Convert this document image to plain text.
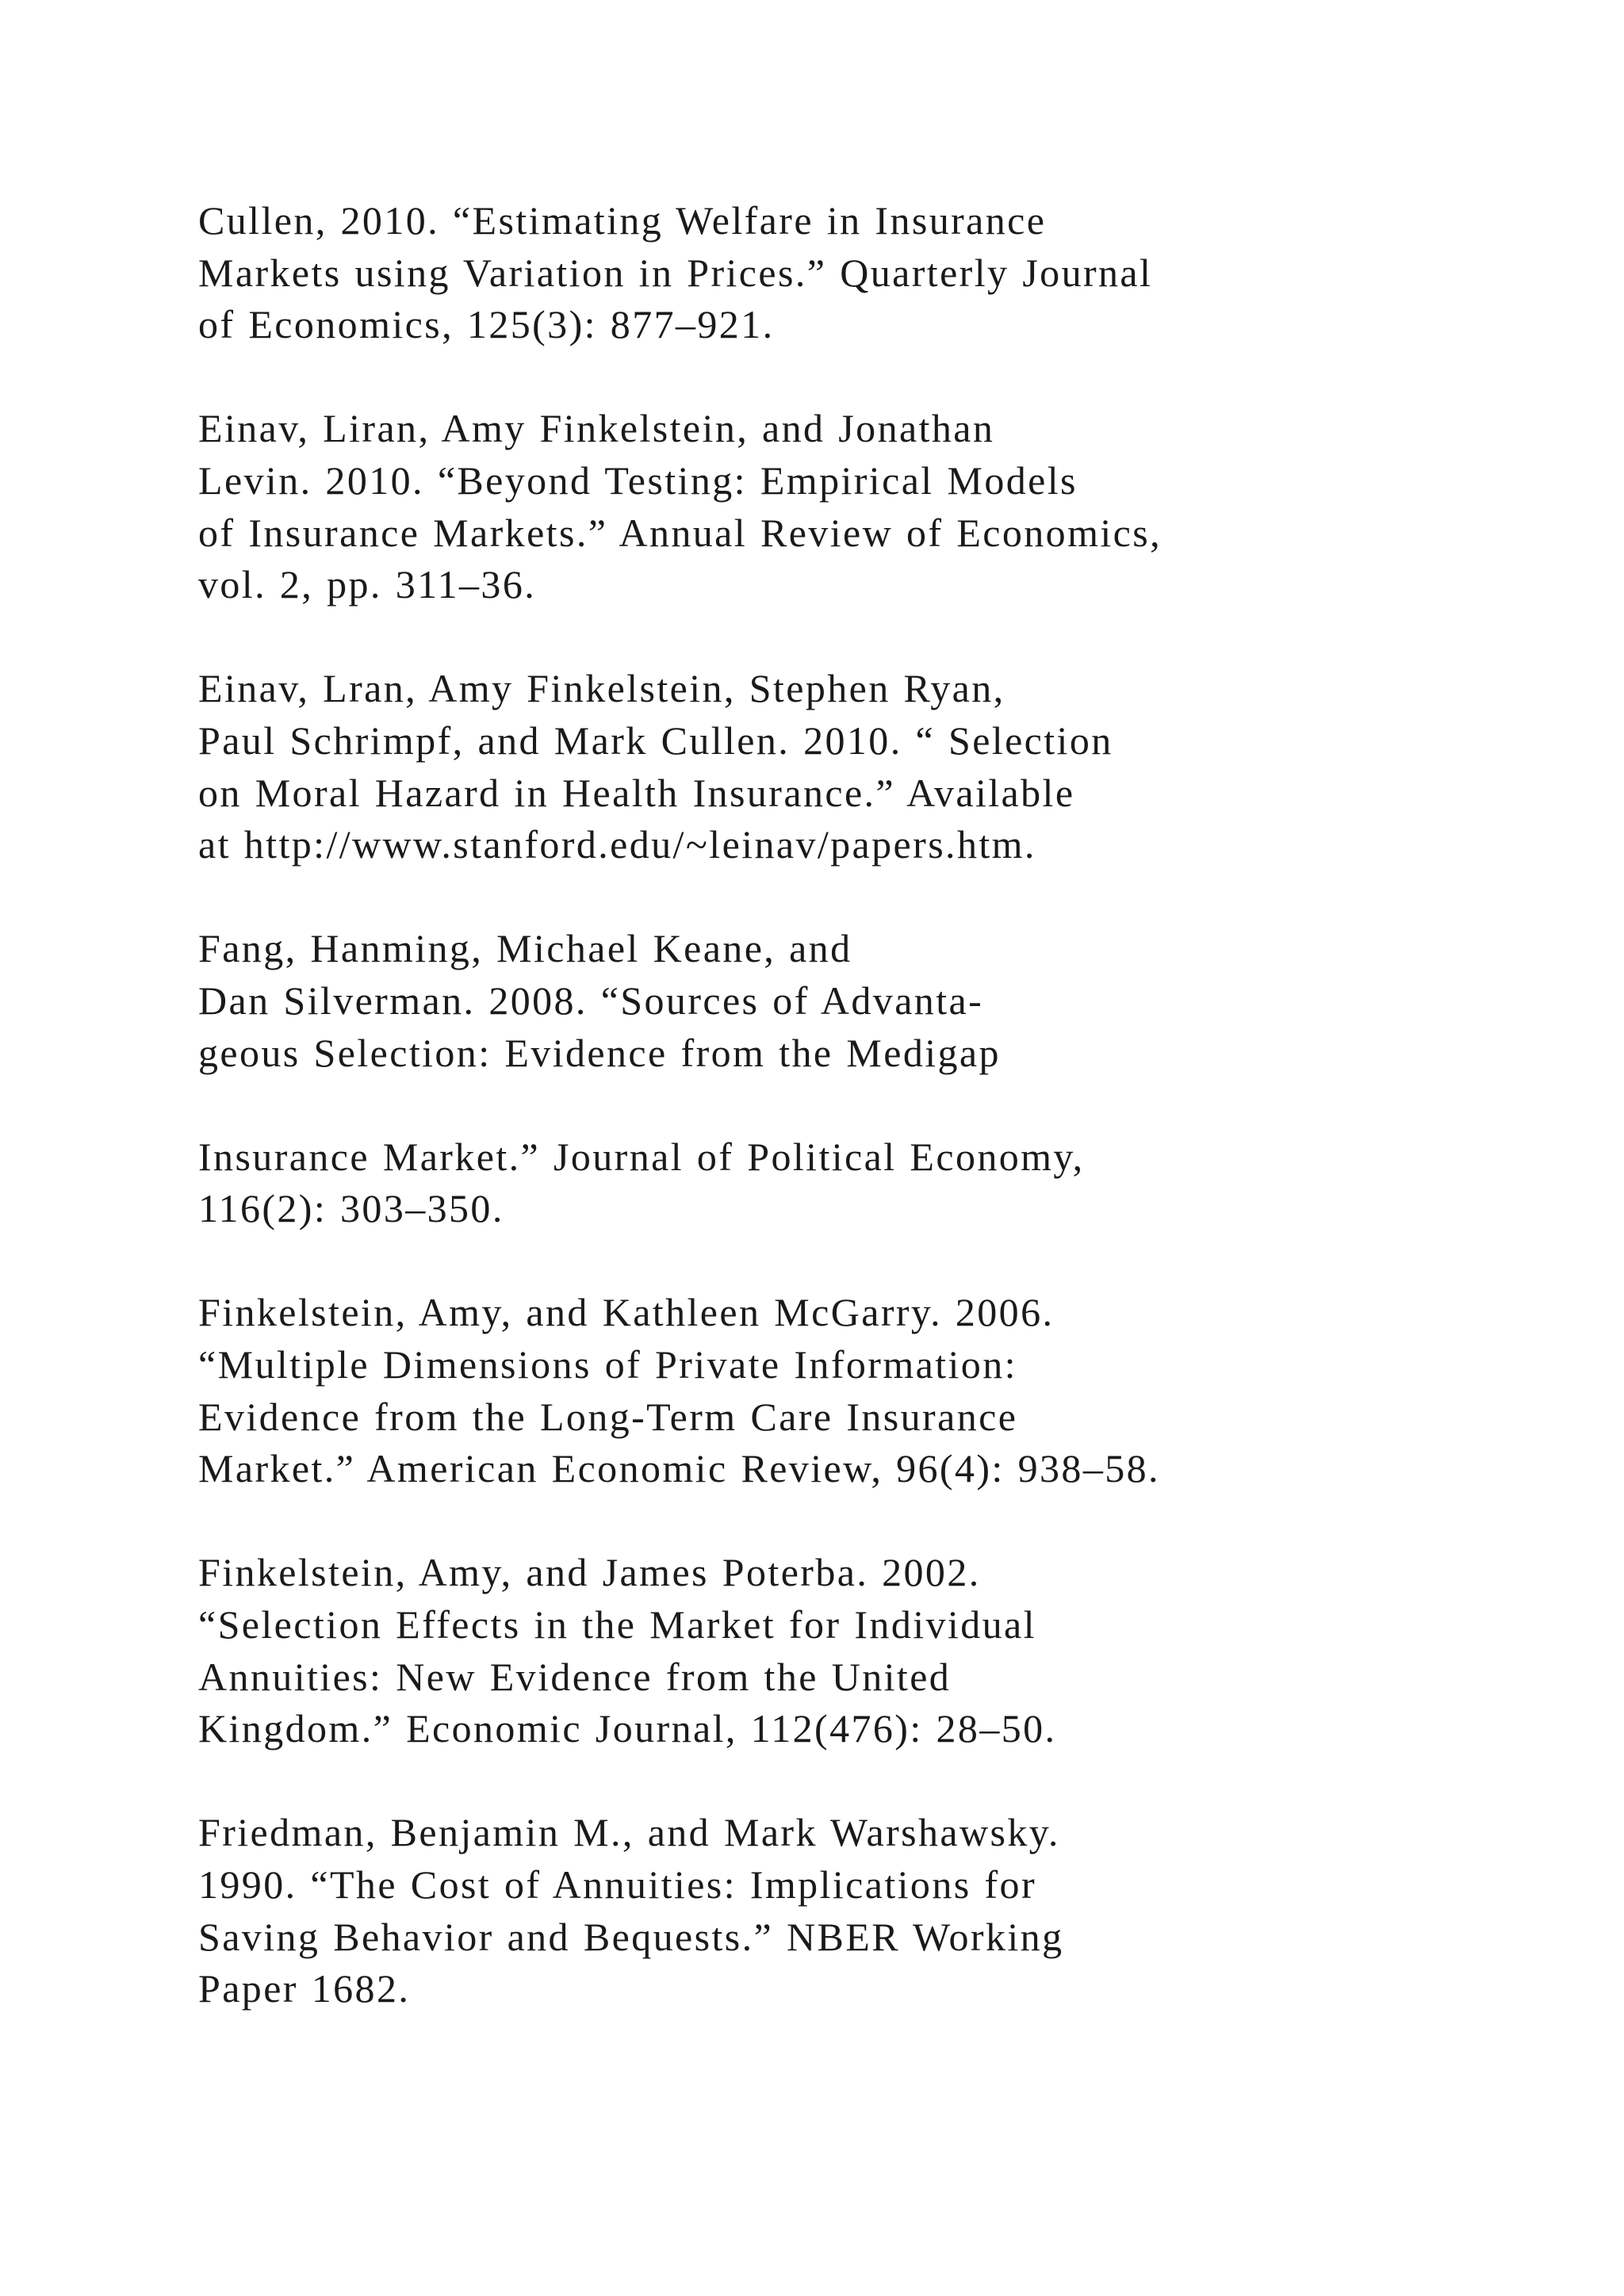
Cullen, 2010. “Estimating Welfare in Insurance
Markets using Variation in Prices.” Quarterly Journal
of Economics, 125(3): 877–921.
Einav, Liran, Amy Finkelstein, and Jonathan
Levin. 2010. “Beyond Testing: Empirical Models
of Insurance Markets.” Annual Review of Economics,
vol. 2, pp. 311–36.
Einav, Lran, Amy Finkelstein, Stephen Ryan,
Paul Schrimpf, and Mark Cullen. 2010. “ Selection
on Moral Hazard in Health Insurance.” Available
at http://www.stanford.edu/~leinav/papers.htm.
Fang, Hanming, Michael Keane, and
Dan Silverman. 2008. “Sources of Advanta-
geous Selection: Evidence from the Medigap
Insurance Market.” Journal of Political Economy,
116(2): 303–350.
Finkelstein, Amy, and Kathleen McGarry. 2006.
“Multiple Dimensions of Private Information:
Evidence from the Long-Term Care Insurance
Market.” American Economic Review, 96(4): 938–58.
Finkelstein, Amy, and James Poterba. 2002.
“Selection Effects in the Market for Individual
Annuities: New Evidence from the United
Kingdom.” Economic Journal, 112(476): 28–50.
Friedman, Benjamin M., and Mark Warshawsky.
1990. “The Cost of Annuities: Implications for
Saving Behavior and Bequests.” NBER Working
Paper 1682.
